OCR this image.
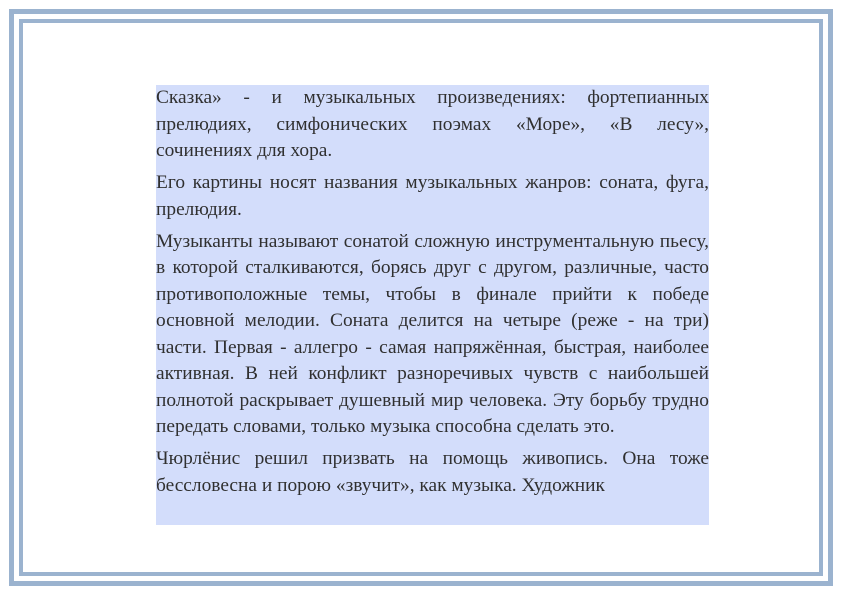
Сказка» - и музыкальных произведениях: фортепианных прелюдиях, симфонических поэмах «Море», «В лесу», сочинениях для хора.

Его картины носят названия музыкальных жанров: соната, фуга, прелюдия.

Музыканты называют сонатой сложную инструментальную пьесу, в которой сталкиваются, борясь друг с другом, различные, часто противоположные темы, чтобы в финале прийти к победе основной мелодии. Соната делится на четыре (реже - на три) части. Первая - аллегро - самая напряжённая, быстрая, наиболее активная. В ней конфликт разноречивых чувств с наибольшей полнотой раскрывает душевный мир человека. Эту борьбу трудно передать словами, только музыка способна сделать это.

Чюрлёнис решил призвать на помощь живопись. Она тоже бессловесна и порою «звучит», как музыка. Художник
